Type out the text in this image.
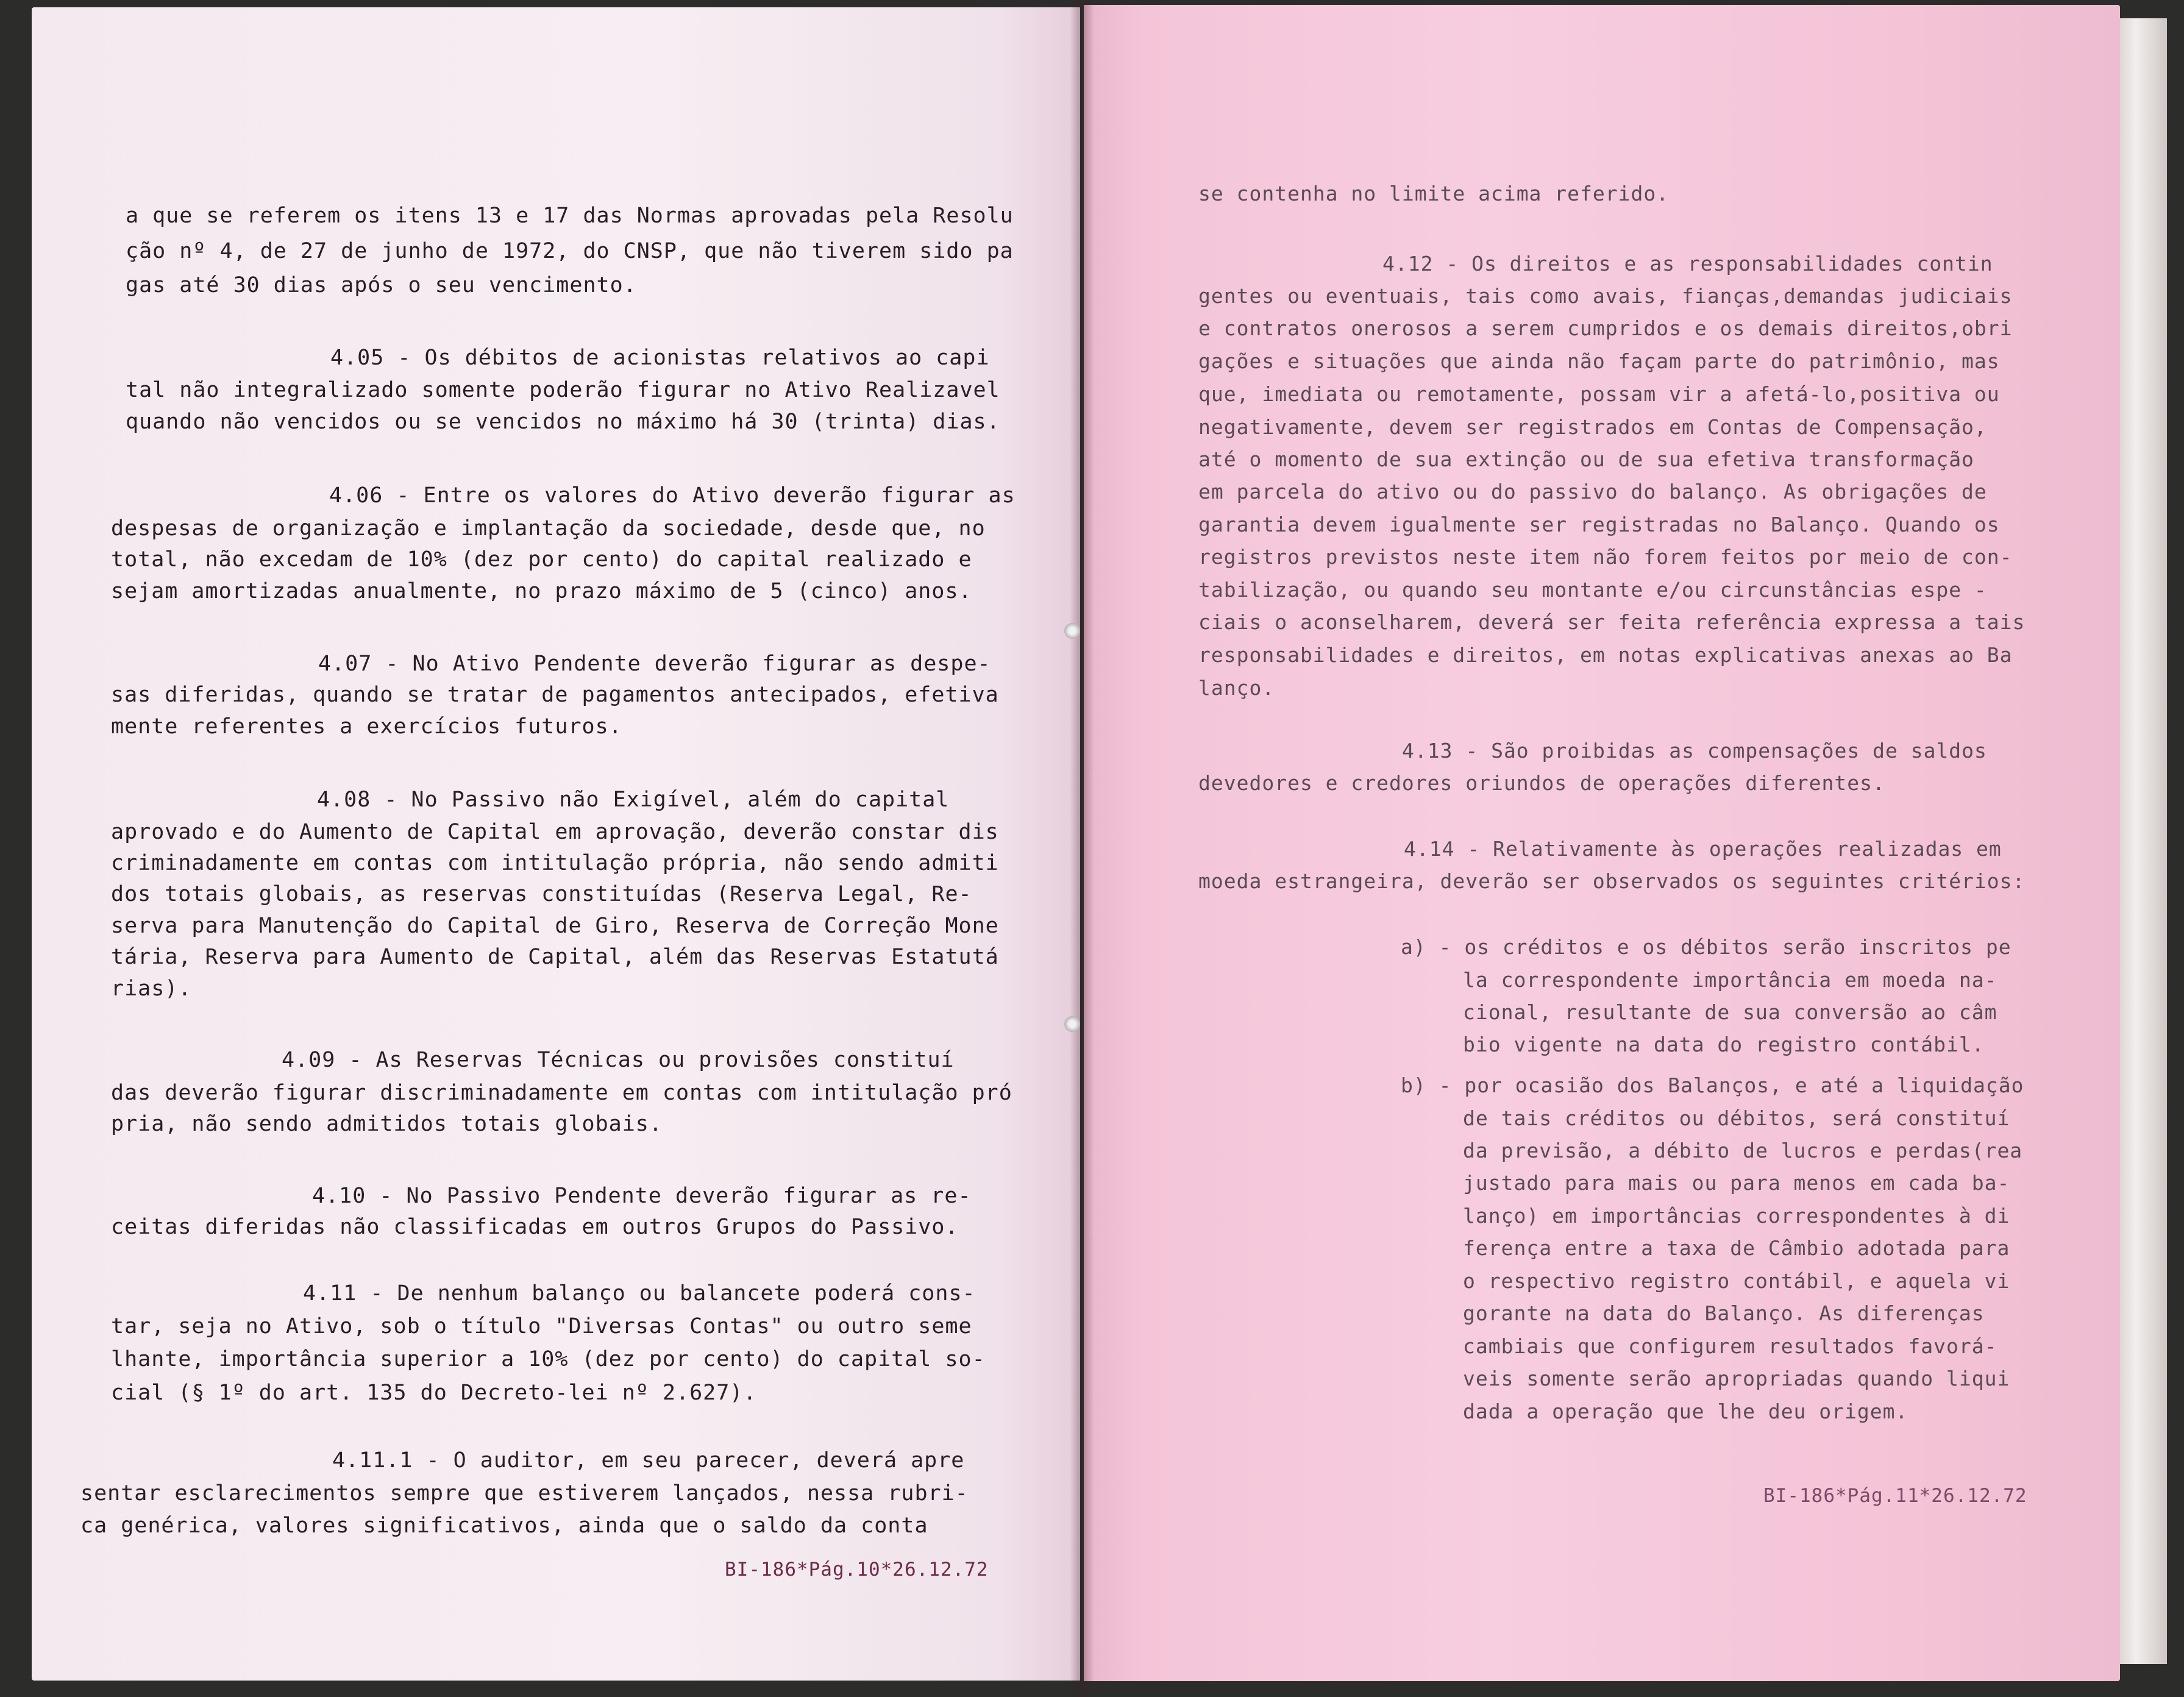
BI-186*Pág.10*26.12.72
a que se referem os itens 13 e 17 das Normas aprovadas pela Resolu
ção nº 4, de 27 de junho de 1972, do CNSP, que não tiverem sido pa
gas até 30 dias após o seu vencimento.
4.05 - Os débitos de acionistas relativos ao capi
tal não integralizado somente poderão figurar no Ativo Realizavel
quando não vencidos ou se vencidos no máximo há 30 (trinta) dias.
4.06 - Entre os valores do Ativo deverão figurar as
despesas de organização e implantação da sociedade, desde que, no
total, não excedam de 10% (dez por cento) do capital realizado e
sejam amortizadas anualmente, no prazo máximo de 5 (cinco) anos.
4.07 - No Ativo Pendente deverão figurar as despe-
sas diferidas, quando se tratar de pagamentos antecipados, efetiva
mente referentes a exercícios futuros.
4.08 - No Passivo não Exigível, além do capital
aprovado e do Aumento de Capital em aprovação, deverão constar dis
criminadamente em contas com intitulação própria, não sendo admiti
dos totais globais, as reservas constituídas (Reserva Legal, Re-
serva para Manutenção do Capital de Giro, Reserva de Correção Mone
tária, Reserva para Aumento de Capital, além das Reservas Estatutá
rias).
4.09 - As Reservas Técnicas ou provisões constituí
das deverão figurar discriminadamente em contas com intitulação pró
pria, não sendo admitidos totais globais.
4.10 - No Passivo Pendente deverão figurar as re-
ceitas diferidas não classificadas em outros Grupos do Passivo.
4.11 - De nenhum balanço ou balancete poderá cons-
tar, seja no Ativo, sob o título "Diversas Contas" ou outro seme
lhante, importância superior a 10% (dez por cento) do capital so-
cial (§ 1º do art. 135 do Decreto-lei nº 2.627).
4.11.1 - O auditor, em seu parecer, deverá apre
sentar esclarecimentos sempre que estiverem lançados, nessa rubri-
ca genérica, valores significativos, ainda que o saldo da conta
BI-186*Pág.11*26.12.72
se contenha no limite acima referido.
4.12 - Os direitos e as responsabilidades contin
gentes ou eventuais, tais como avais, fianças,demandas judiciais
e contratos onerosos a serem cumpridos e os demais direitos,obri
gações e situações que ainda não façam parte do patrimônio, mas
que, imediata ou remotamente, possam vir a afetá-lo,positiva ou
negativamente, devem ser registrados em Contas de Compensação,
até o momento de sua extinção ou de sua efetiva transformação
em parcela do ativo ou do passivo do balanço. As obrigações de
garantia devem igualmente ser registradas no Balanço. Quando os
registros previstos neste item não forem feitos por meio de con-
tabilização, ou quando seu montante e/ou circunstâncias espe -
ciais o aconselharem, deverá ser feita referência expressa a tais
responsabilidades e direitos, em notas explicativas anexas ao Ba
lanço.
4.13 - São proibidas as compensações de saldos
devedores e credores oriundos de operações diferentes.
4.14 - Relativamente às operações realizadas em
moeda estrangeira, deverão ser observados os seguintes critérios:
a) - os créditos e os débitos serão inscritos pe
la correspondente importância em moeda na-
cional, resultante de sua conversão ao câm
bio vigente na data do registro contábil.
b) - por ocasião dos Balanços, e até a liquidação
de tais créditos ou débitos, será constituí
da previsão, a débito de lucros e perdas(rea
justado para mais ou para menos em cada ba-
lanço) em importâncias correspondentes à di
ferença entre a taxa de Câmbio adotada para
o respectivo registro contábil, e aquela vi
gorante na data do Balanço. As diferenças
cambiais que configurem resultados favorá-
veis somente serão apropriadas quando liqui
dada a operação que lhe deu origem.
